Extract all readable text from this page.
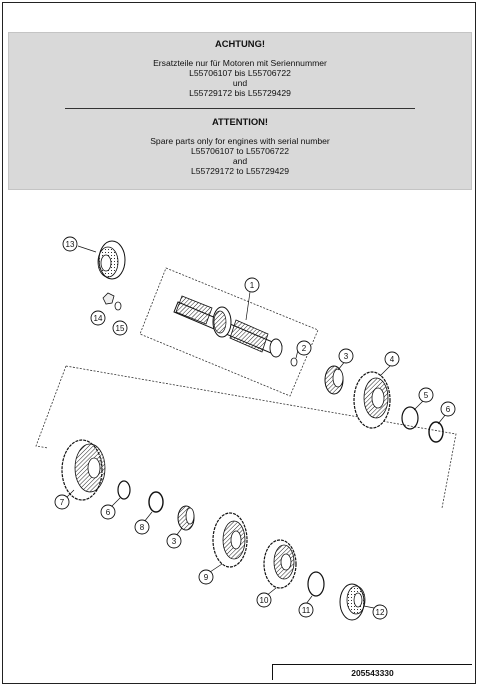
ACHTUNG!
Ersatzteile nur für Motoren mit Seriennummer
L55706107 bis L55706722
und
L55729172 bis L55729429
ATTENTION!
Spare parts only for engines with serial number
L55706107 to L55706722
and
L55729172 to L55729429
13
14
15
1
2
3	4
5
6
7
6
8
3
9
10
11	12
205543330
